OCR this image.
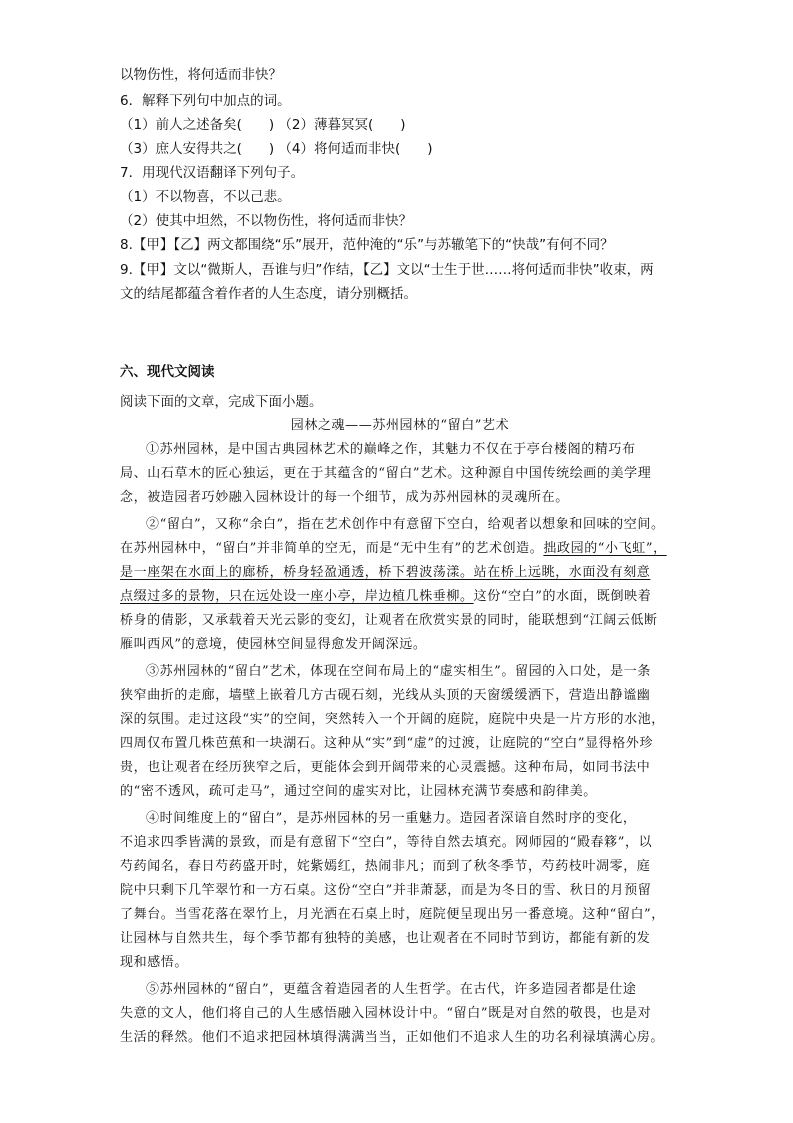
以物伤性，将何适而非快？
6．解释下列句中加点的词。
（1）前人之述备矣(　　) （2）薄暮冥冥(　　)
（3）庶人安得共之(　　) （4）将何适而非快(　　)
7．用现代汉语翻译下列句子。
（1）不以物喜，不以己悲。
（2）使其中坦然，不以物伤性，将何适而非快？
8.【甲】【乙】两文都围绕“乐”展开，范仲淹的“乐”与苏辙笔下的“快哉”有何不同？
9.【甲】文以“微斯人，吾谁与归”作结，【乙】文以“士生于世……将何适而非快”收束，两
文的结尾都蕴含着作者的人生态度，请分别概括。
六、现代文阅读
阅读下面的文章，完成下面小题。
园林之魂——苏州园林的“留白”艺术
①苏州园林，是中国古典园林艺术的巅峰之作，其魅力不仅在于亭台楼阁的精巧布
局、山石草木的匠心独运，更在于其蕴含的“留白”艺术。这种源自中国传统绘画的美学理
念，被造园者巧妙融入园林设计的每一个细节，成为苏州园林的灵魂所在。
②“留白”，又称“余白”，指在艺术创作中有意留下空白，给观者以想象和回味的空间。
在苏州园林中，“留白”并非简单的空无，而是“无中生有”的艺术创造。拙政园的“小飞虹”，
是一座架在水面上的廊桥，桥身轻盈通透，桥下碧波荡漾。站在桥上远眺，水面没有刻意
点缀过多的景物，只在远处设一座小亭，岸边植几株垂柳。这份“空白”的水面，既倒映着
桥身的倩影，又承载着天光云影的变幻，让观者在欣赏实景的同时，能联想到“江阔云低断
雁叫西风”的意境，使园林空间显得愈发开阔深远。
③苏州园林的“留白”艺术，体现在空间布局上的“虚实相生”。留园的入口处，是一条
狭窄曲折的走廊，墙壁上嵌着几方古砚石刻，光线从头顶的天窗缓缓洒下，营造出静谧幽
深的氛围。走过这段“实”的空间，突然转入一个开阔的庭院，庭院中央是一片方形的水池，
四周仅布置几株芭蕉和一块湖石。这种从“实”到“虚”的过渡，让庭院的“空白”显得格外珍
贵，也让观者在经历狭窄之后，更能体会到开阔带来的心灵震撼。这种布局，如同书法中
的“密不透风，疏可走马”，通过空间的虚实对比，让园林充满节奏感和韵律美。
④时间维度上的“留白”，是苏州园林的另一重魅力。造园者深谙自然时序的变化，
不追求四季皆满的景致，而是有意留下“空白”，等待自然去填充。网师园的“殿春簃”，以
芍药闻名，春日芍药盛开时，姹紫嫣红，热闹非凡；而到了秋冬季节，芍药枝叶凋零，庭
院中只剩下几竿翠竹和一方石桌。这份“空白”并非萧瑟，而是为冬日的雪、秋日的月预留
了舞台。当雪花落在翠竹上，月光洒在石桌上时，庭院便呈现出另一番意境。这种“留白”，
让园林与自然共生，每个季节都有独特的美感，也让观者在不同时节到访，都能有新的发
现和感悟。
⑤苏州园林的“留白”，更蕴含着造园者的人生哲学。在古代，许多造园者都是仕途
失意的文人，他们将自己的人生感悟融入园林设计中。“留白”既是对自然的敬畏，也是对
生活的释然。他们不追求把园林填得满满当当，正如他们不追求人生的功名利禄填满心房。
